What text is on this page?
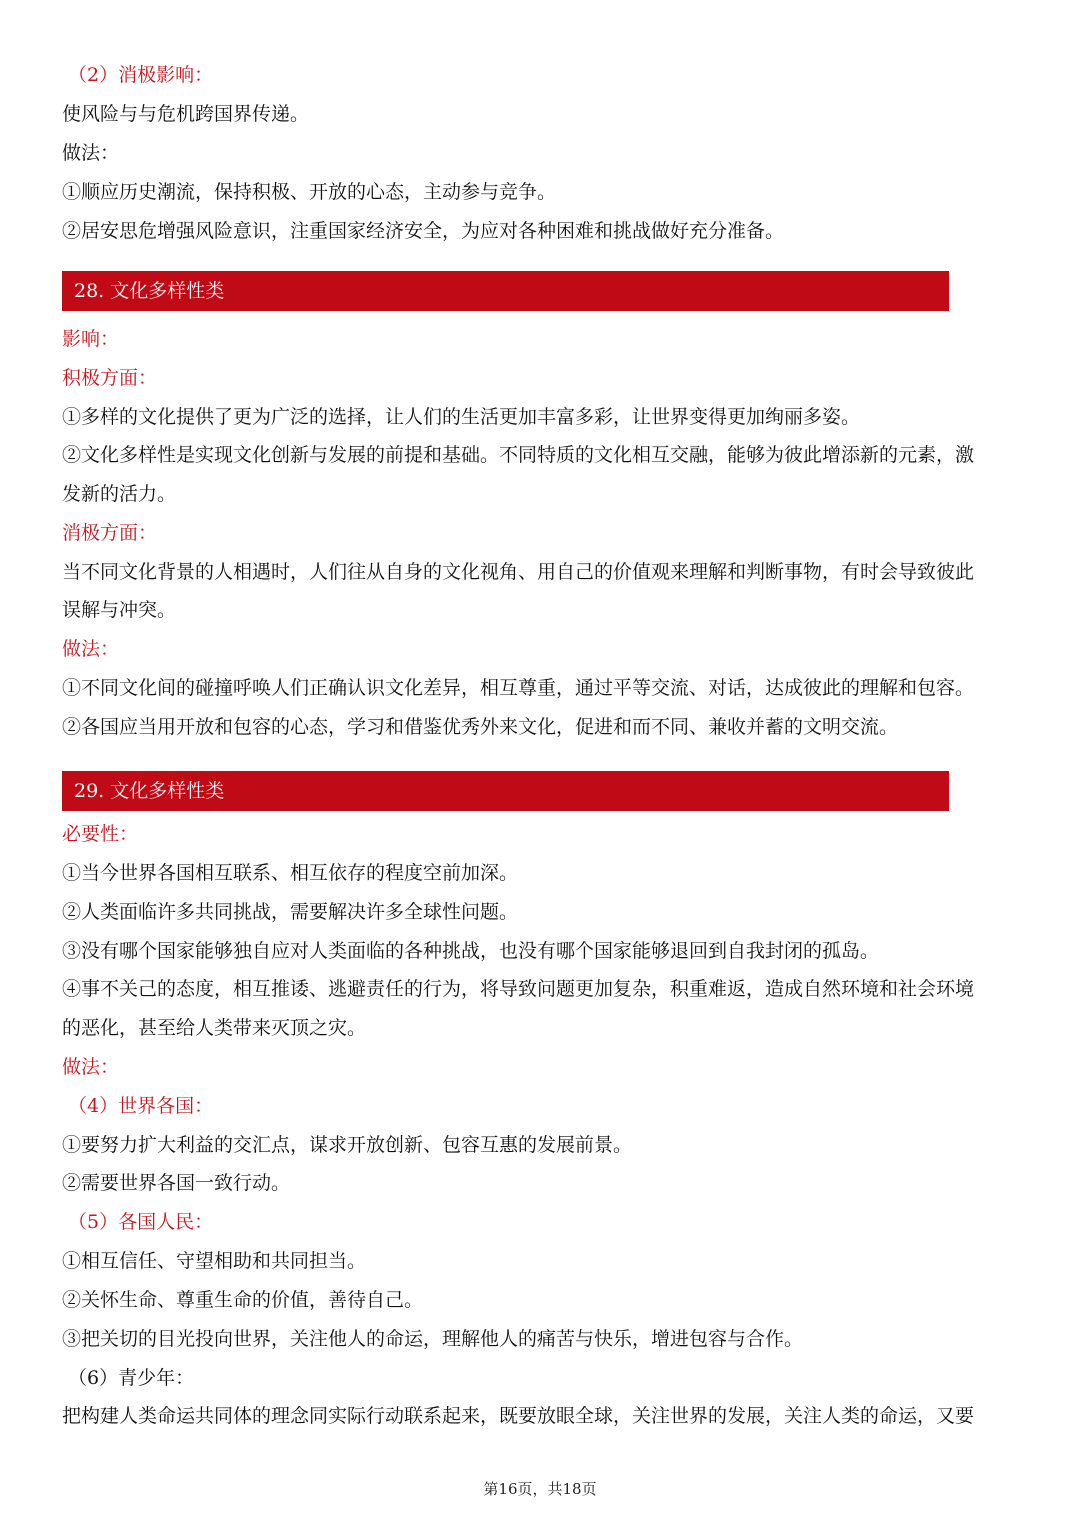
（2）消极影响：
使风险与与危机跨国界传递。
做法：
①顺应历史潮流，保持积极、开放的心态，主动参与竞争。
②居安思危增强风险意识，注重国家经济安全，为应对各种困难和挑战做好充分准备。
28. 文化多样性类
影响：
积极方面：
①多样的文化提供了更为广泛的选择，让人们的生活更加丰富多彩，让世界变得更加绚丽多姿。
②文化多样性是实现文化创新与发展的前提和基础。不同特质的文化相互交融，能够为彼此增添新的元素，激
发新的活力。
消极方面：
当不同文化背景的人相遇时，人们往从自身的文化视角、用自己的价值观来理解和判断事物，有时会导致彼此
误解与冲突。
做法：
①不同文化间的碰撞呼唤人们正确认识文化差异，相互尊重，通过平等交流、对话，达成彼此的理解和包容。
②各国应当用开放和包容的心态，学习和借鉴优秀外来文化，促进和而不同、兼收并蓄的文明交流。
29. 文化多样性类
必要性：
①当今世界各国相互联系、相互依存的程度空前加深。
②人类面临许多共同挑战，需要解决许多全球性问题。
③没有哪个国家能够独自应对人类面临的各种挑战，也没有哪个国家能够退回到自我封闭的孤岛。
④事不关己的态度，相互推诿、逃避责任的行为，将导致问题更加复杂，积重难返，造成自然环境和社会环境
的恶化，甚至给人类带来灭顶之灾。
做法：
（4）世界各国：
①要努力扩大利益的交汇点，谋求开放创新、包容互惠的发展前景。
②需要世界各国一致行动。
（5）各国人民：
①相互信任、守望相助和共同担当。
②关怀生命、尊重生命的价值，善待自己。
③把关切的目光投向世界，关注他人的命运，理解他人的痛苦与快乐，增进包容与合作。
（6）青少年：
把构建人类命运共同体的理念同实际行动联系起来，既要放眼全球，关注世界的发展，关注人类的命运，又要
第16页，共18页
